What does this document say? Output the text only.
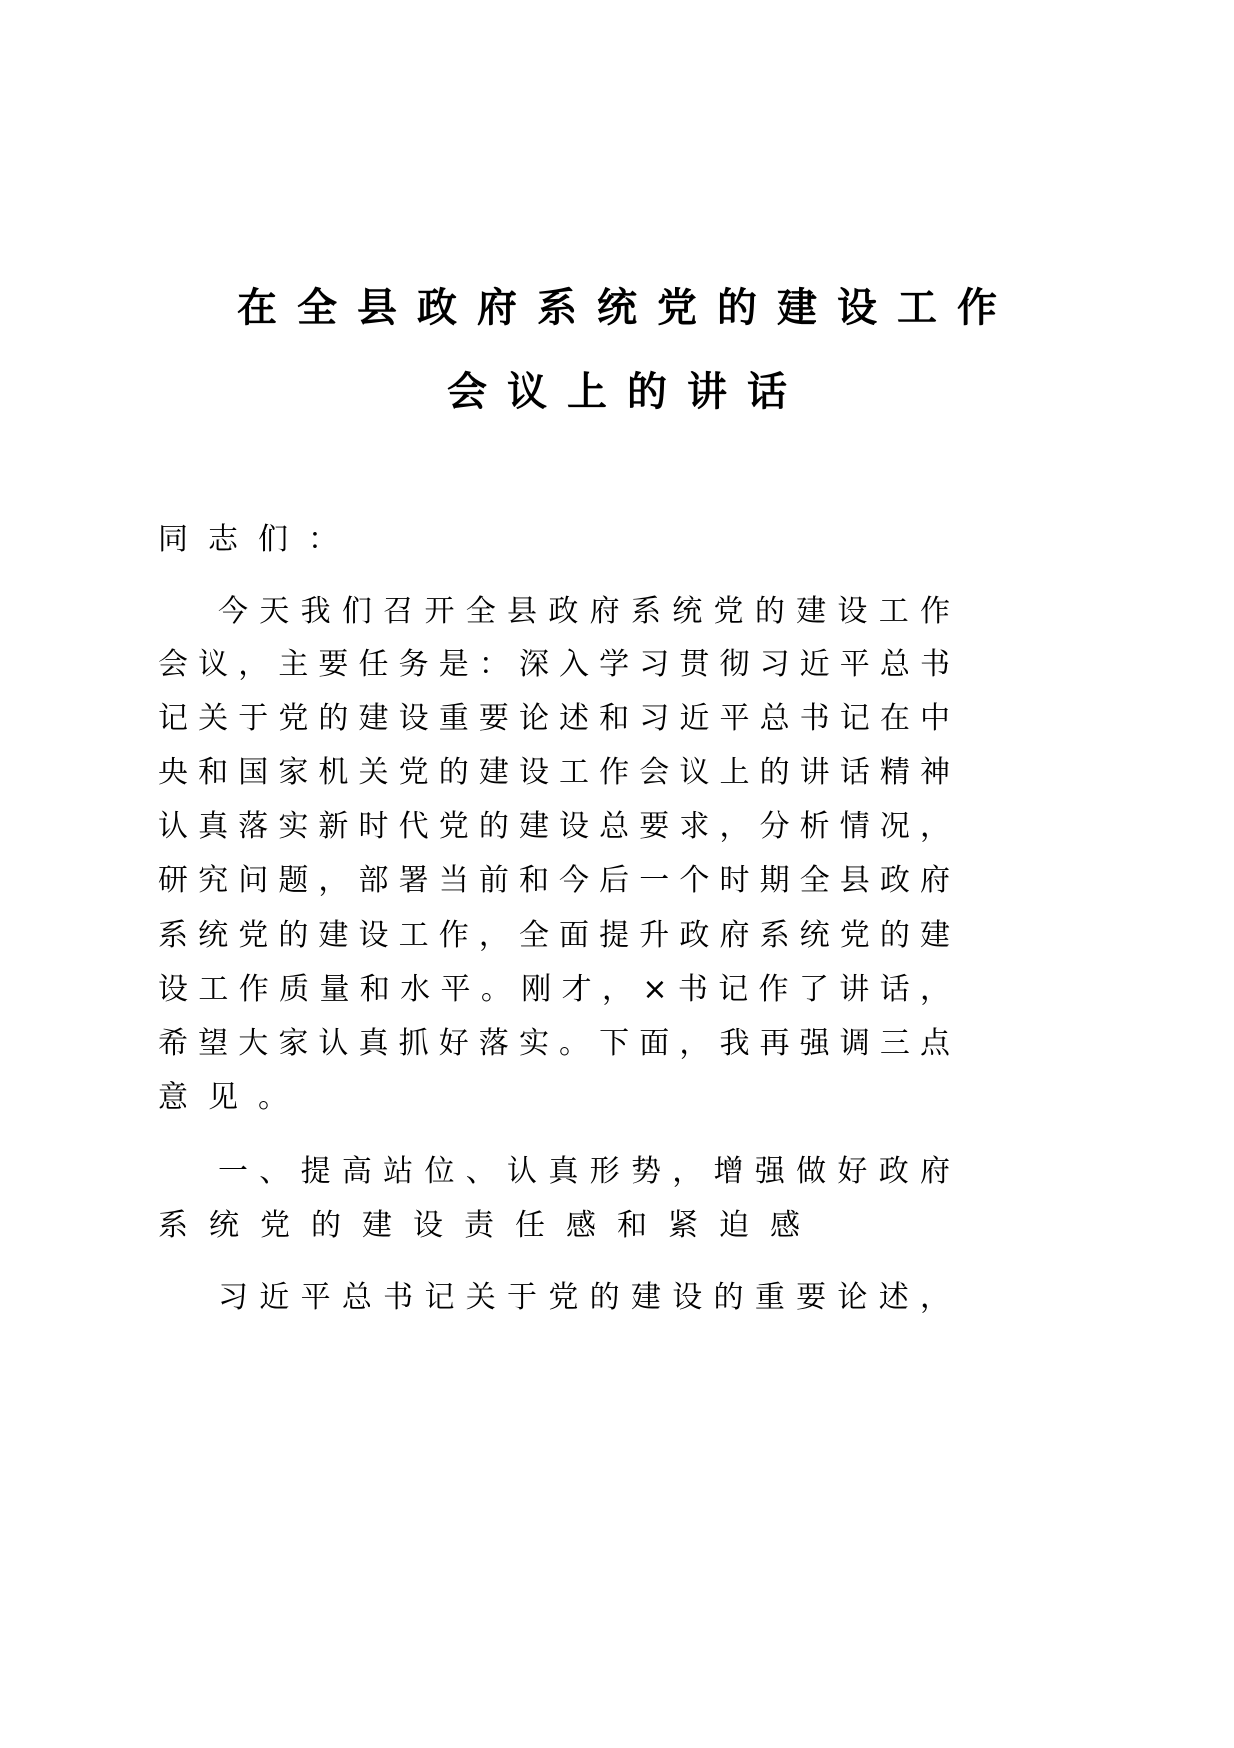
在全县政府系统党的建设工作
会议上的讲话
同志们：
今天我们召开全县政府系统党的建设工作
会议，主要任务是：深入学习贯彻习近平总书
记关于党的建设重要论述和习近平总书记在中
央和国家机关党的建设工作会议上的讲话精神
认真落实新时代党的建设总要求，分析情况，
研究问题，部署当前和今后一个时期全县政府
系统党的建设工作，全面提升政府系统党的建
设工作质量和水平。刚才，×书记作了讲话，
希望大家认真抓好落实。下面，我再强调三点
意见。
一、提高站位、认真形势，增强做好政府
系统党的建设责任感和紧迫感
习近平总书记关于党的建设的重要论述，
